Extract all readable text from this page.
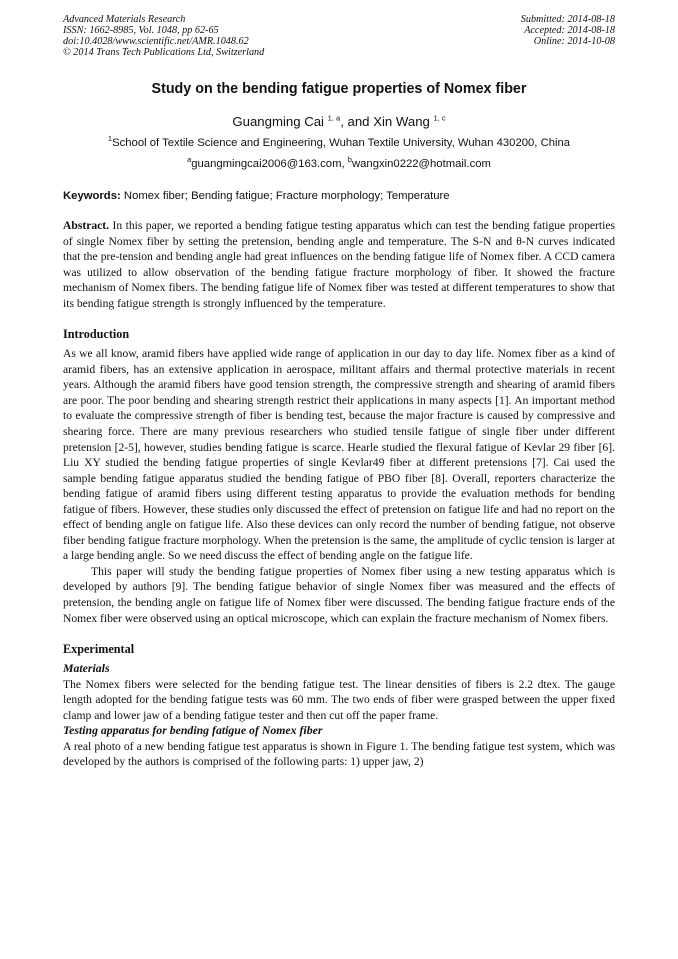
Advanced Materials Research
ISSN: 1662-8985, Vol. 1048, pp 62-65
doi:10.4028/www.scientific.net/AMR.1048.62
© 2014 Trans Tech Publications Ltd, Switzerland
Submitted: 2014-08-18
Accepted: 2014-08-18
Online: 2014-10-08
Study on the bending fatigue properties of Nomex fiber
Guangming Cai $^{1, a}$, and Xin Wang $^{1, c}$
$^1$School of Textile Science and Engineering, Wuhan Textile University, Wuhan 430200, China
$^a$guangmingcai2006@163.com, $^b$wangxin0222@hotmail.com
Keywords: Nomex fiber; Bending fatigue; Fracture morphology; Temperature

Abstract. In this paper, we reported a bending fatigue testing apparatus which can test the bending fatigue properties of single Nomex fiber by setting the pretension, bending angle and temperature. The S-N and θ-N curves indicated that the pre-tension and bending angle had great influences on the bending fatigue life of Nomex fiber. A CCD camera was utilized to allow observation of the bending fatigue fracture morphology of fiber. It showed the fracture mechanism of Nomex fibers. The bending fatigue life of Nomex fiber was tested at different temperatures to show that its bending fatigue strength is strongly influenced by the temperature.

Introduction

As we all know, aramid fibers have applied wide range of application in our day to day life. Nomex fiber as a kind of aramid fibers, has an extensive application in aerospace, militant affairs and thermal protective materials in recent years. Although the aramid fibers have good tension strength, the compressive strength and shearing of aramid fibers are poor. The poor bending and shearing strength restrict their applications in many aspects [1]. An important method to evaluate the compressive strength of fiber is bending test, because the major fracture is caused by compressive and shearing force. There are many previous researchers who studied tensile fatigue of single fiber under different pretension [2-5], however, studies bending fatigue is scarce. Hearle studied the flexural fatigue of Kevlar 29 fiber [6]. Liu XY studied the bending fatigue properties of single Kevlar49 fiber at different pretensions [7]. Cai used the sample bending fatigue apparatus studied the bending fatigue of PBO fiber [8]. Overall, reporters characterize the bending fatigue of aramid fibers using different testing apparatus to provide the evaluation methods for bending fatigue of fibers. However, these studies only discussed the effect of pretension on fatigue life and had no report on the effect of bending angle on fatigue life. Also these devices can only record the number of bending fatigue, not observe fiber bending fatigue fracture morphology. When the pretension is the same, the amplitude of cyclic tension is larger at a large bending angle. So we need discuss the effect of bending angle on the fatigue life.

This paper will study the bending fatigue properties of Nomex fiber using a new testing apparatus which is developed by authors [9]. The bending fatigue behavior of single Nomex fiber was measured and the effects of pretension, the bending angle on fatigue life of Nomex fiber were discussed. The bending fatigue fracture ends of the Nomex fiber were observed using an optical microscope, which can explain the fracture mechanism of Nomex fibers.

Experimental
Materials

The Nomex fibers were selected for the bending fatigue test. The linear densities of fibers is 2.2 dtex. The gauge length adopted for the bending fatigue tests was 60 mm. The two ends of fiber were grasped between the upper fixed clamp and lower jaw of a bending fatigue tester and then cut off the paper frame.

Testing apparatus for bending fatigue of Nomex fiber

A real photo of a new bending fatigue test apparatus is shown in Figure 1. The bending fatigue test system, which was developed by the authors is comprised of the following parts: 1) upper jaw, 2)
